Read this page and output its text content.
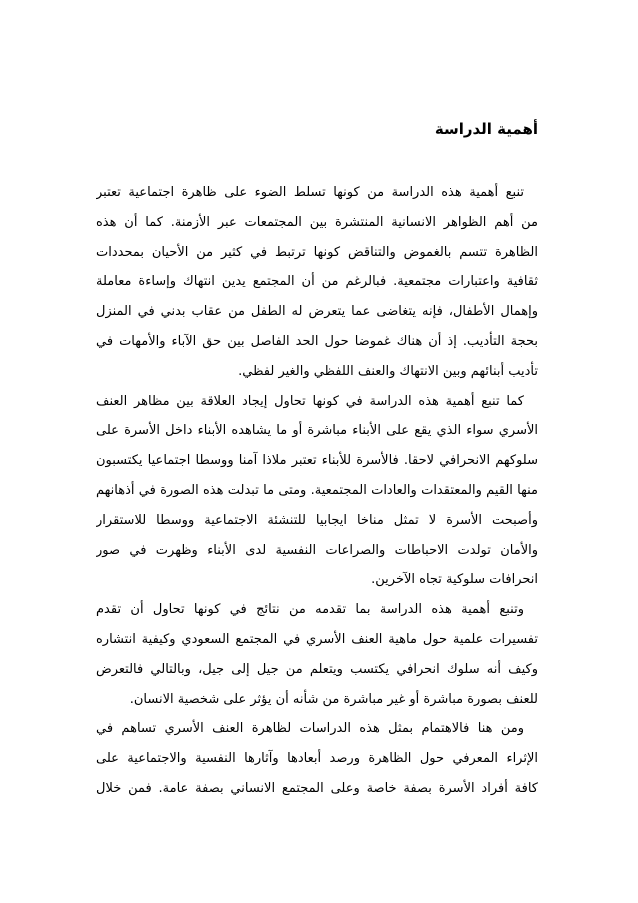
أهمية الدراسة
تنبع أهمية هذه الدراسة من كونها تسلط الضوء على ظاهرة اجتماعية تعتبر
من أهم الظواهر الانسانية المنتشرة بين المجتمعات عبر الأزمنة. كما أن هذه
الظاهرة تتسم بالغموض والتناقض كونها ترتبط في كثير من الأحيان بمحددات
ثقافية واعتبارات مجتمعية. فبالرغم من أن المجتمع يدين انتهاك وإساءة معاملة
وإهمال الأطفال، فإنه يتغاضى عما يتعرض له الطفل من عقاب بدني في المنزل
بحجة التأديب. إذ أن هناك غموضا حول الحد الفاصل بين حق الآباء والأمهات في
تأديب أبنائهم وبين الانتهاك والعنف اللفظي والغير لفظي.
كما تنبع أهمية هذه الدراسة في كونها تحاول إيجاد العلاقة بين مظاهر العنف
الأسري سواء الذي يقع على الأبناء مباشرة أو ما يشاهده الأبناء داخل الأسرة على
سلوكهم الانحرافي لاحقا. فالأسرة للأبناء تعتبر ملاذا آمنا ووسطا اجتماعيا يكتسبون
منها القيم والمعتقدات والعادات المجتمعية. ومتى ما تبدلت هذه الصورة في أذهانهم
وأصبحت الأسرة لا تمثل مناخا ايجابيا للتنشئة الاجتماعية ووسطا للاستقرار
والأمان تولدت الاحباطات والصراعات النفسية لدى الأبناء وظهرت في صور
انحرافات سلوكية تجاه الآخرين.
وتنبع أهمية هذه الدراسة بما تقدمه من نتائج في كونها تحاول أن تقدم
تفسيرات علمية حول ماهية العنف الأسري في المجتمع السعودي وكيفية انتشاره
وكيف أنه سلوك انحرافي يكتسب ويتعلم من جيل إلى جيل، وبالتالي فالتعرض
للعنف بصورة مباشرة أو غير مباشرة من شأنه أن يؤثر على شخصية الانسان.
ومن هنا فالاهتمام بمثل هذه الدراسات لظاهرة العنف الأسري تساهم في
الإثراء المعرفي حول الظاهرة ورصد أبعادها وآثارها النفسية والاجتماعية على
كافة أفراد الأسرة بصفة خاصة وعلى المجتمع الانساني بصفة عامة. فمن خلال
